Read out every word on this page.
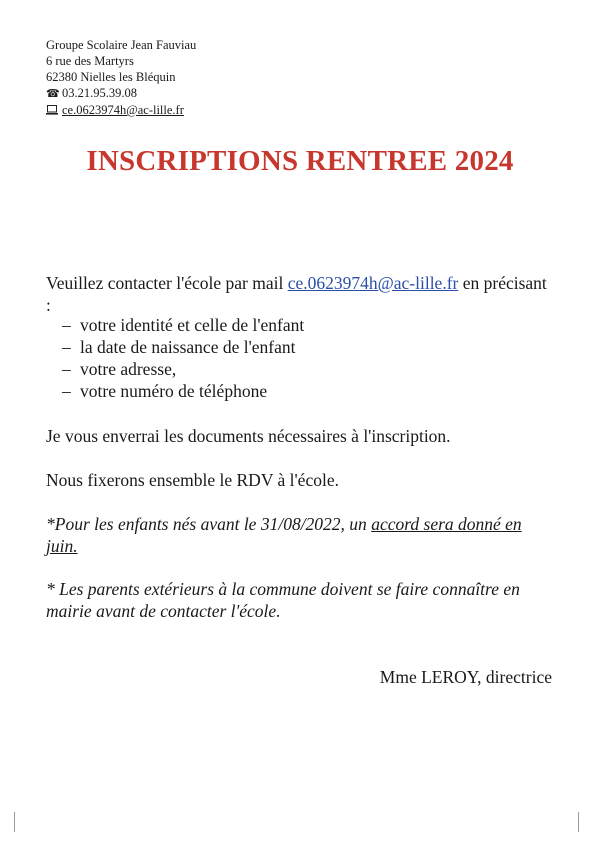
Groupe Scolaire Jean Fauviau
6 rue des Martyrs
62380 Nielles les Bléquin
☎ 03.21.95.39.08
ce.0623974h@ac-lille.fr
INSCRIPTIONS RENTREE 2024
Veuillez contacter l'école par mail ce.0623974h@ac-lille.fr en précisant :
– votre identité et celle de l'enfant
– la date de naissance de l'enfant
– votre adresse,
– votre numéro de téléphone
Je vous enverrai les documents nécessaires à l'inscription.
Nous fixerons ensemble le RDV à l'école.
*Pour les enfants nés avant le 31/08/2022, un accord sera donné en juin.
* Les parents extérieurs à la commune doivent se faire connaître en mairie avant de contacter l'école.
Mme LEROY, directrice
